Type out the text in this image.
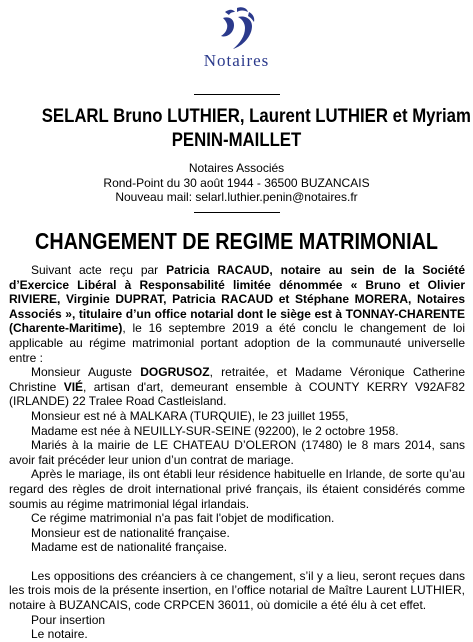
Notaires
SELARL Bruno LUTHIER, Laurent LUTHIER et Myriam
PENIN-MAILLET
Notaires Associés
Rond-Point du 30 août 1944 - 36500 BUZANCAIS
Nouveau mail: selarl.luthier.penin@notaires.fr
CHANGEMENT DE REGIME MATRIMONIAL

Suivant acte reçu par Patricia RACAUD, notaire au sein de la Société d’Exercice Libéral à Responsabilité limitée dénommée « Bruno et Olivier RIVIERE, Virginie DUPRAT, Patricia RACAUD et Stéphane MORERA, Notaires Associés », titulaire d’un office notarial dont le siège est à TONNAY-CHARENTE (Charente-Maritime), le 16 septembre 2019 a été conclu le changement de loi applicable au régime matrimonial portant adoption de la communauté universelle entre :

Monsieur Auguste DOGRUSOZ, retraitée, et Madame Véronique Catherine Christine VIÉ, artisan d'art, demeurant ensemble à COUNTY KERRY V92AF82 (IRLANDE) 22 Tralee Road Castleisland.

Monsieur est né à MALKARA (TURQUIE), le 23 juillet 1955,

Madame est née à NEUILLY-SUR-SEINE (92200), le 2 octobre 1958.

Mariés à la mairie de LE CHATEAU D’OLERON (17480) le 8 mars 2014, sans avoir fait précéder leur union d’un contrat de mariage.

Après le mariage, ils ont établi leur résidence habituelle en Irlande, de sorte qu’au regard des règles de droit international privé français, ils étaient considérés comme soumis au régime matrimonial légal irlandais.

Ce régime matrimonial n'a pas fait l'objet de modification.

Monsieur est de nationalité française.

Madame est de nationalité française.

Les oppositions des créanciers à ce changement, s’il y a lieu, seront reçues dans les trois mois de la présente insertion, en l’office notarial de Maître Laurent LUTHIER, notaire à BUZANCAIS, code CRPCEN 36011, où domicile a été élu à cet effet.

Pour insertion

Le notaire.
